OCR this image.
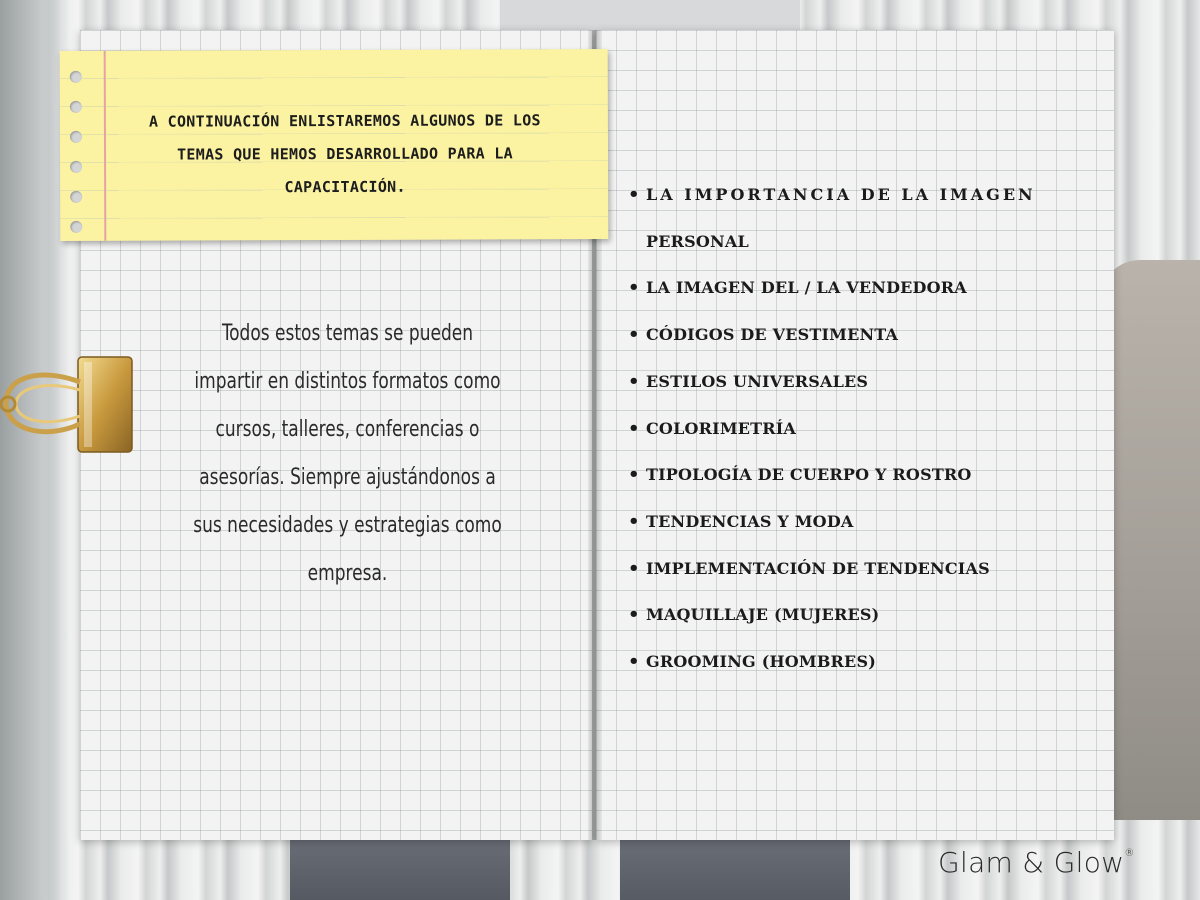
A CONTINUACIÓN ENLISTAREMOS ALGUNOS DE LOS TEMAS QUE HEMOS DESARROLLADO PARA LA CAPACITACIÓN.
Todos estos temas se pueden impartir en distintos formatos como cursos, talleres, conferencias o asesorías. Siempre ajustándonos a sus necesidades y estrategias como empresa.
• LA IMPORTANCIA DE LA IMAGEN
PERSONAL
• LA IMAGEN DEL / LA VENDEDORA
• CÓDIGOS DE VESTIMENTA
• ESTILOS UNIVERSALES
• COLORIMETRÍA
• TIPOLOGÍA DE CUERPO Y ROSTRO
• TENDENCIAS Y MODA
• IMPLEMENTACIÓN DE TENDENCIAS
• MAQUILLAJE (MUJERES)
• GROOMING (HOMBRES)
Glam & Glow®
